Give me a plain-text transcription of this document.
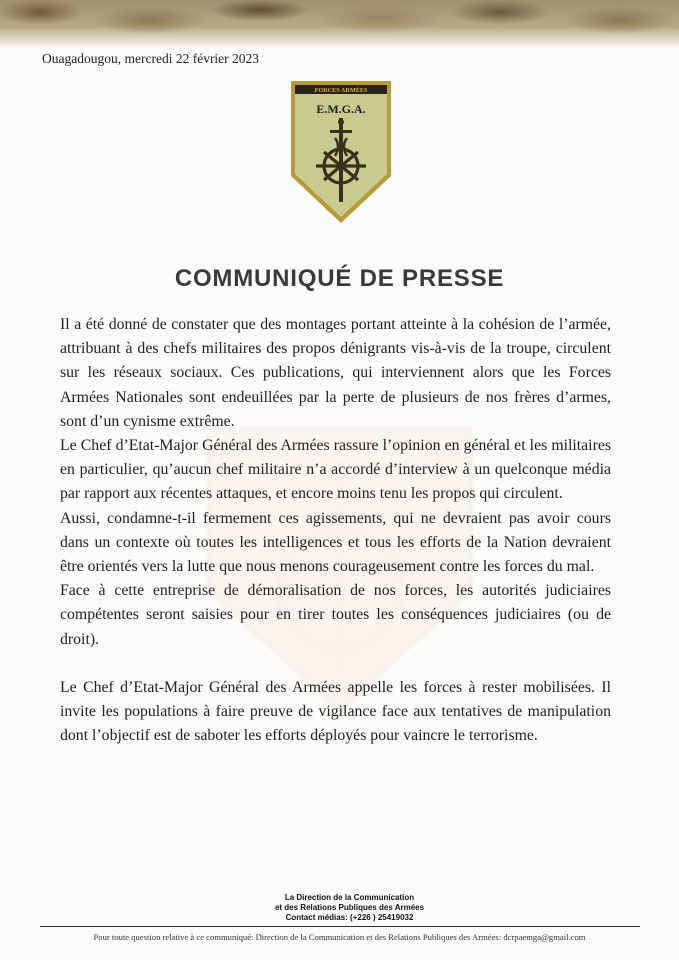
Ouagadougou, mercredi 22 février 2023
FORCES ARMÉES
E.M.G.A.
COMMUNIQUÉ DE PRESSE

Il a été donné de constater que des montages portant atteinte à la cohésion de l’armée, attribuant à des chefs militaires des propos dénigrants vis-à-vis de la troupe, circulent sur les réseaux sociaux. Ces publications, qui interviennent alors que les Forces Armées Nationales sont endeuillées par la perte de plusieurs de nos frères d’armes, sont d’un cynisme extrême.

Le Chef d’Etat-Major Général des Armées rassure l’opinion en général et les militaires en particulier, qu’aucun chef militaire n’a accordé d’interview à un quelconque média par rapport aux récentes attaques, et encore moins tenu les propos qui circulent.

Aussi, condamne-t-il fermement ces agissements, qui ne devraient pas avoir cours dans un contexte où toutes les intelligences et tous les efforts de la Nation devraient être orientés vers la lutte que nous menons courageusement contre les forces du mal.

Face à cette entreprise de démoralisation de nos forces, les autorités judiciaires compétentes seront saisies pour en tirer toutes les conséquences judiciaires (ou de droit).

Le Chef d’Etat-Major Général des Armées appelle les forces à rester mobilisées. Il invite les populations à faire preuve de vigilance face aux tentatives de manipulation dont l’objectif est de saboter les efforts déployés pour vaincre le terrorisme.

La Direction de la Communication
et des Relations Publiques des Armées
Contact médias: (+226 ) 25419032
Pour toute question relative à ce communiqué: Direction de la Communication et des Relations Publiques des Armées: dcrpaemga@gmail.com
